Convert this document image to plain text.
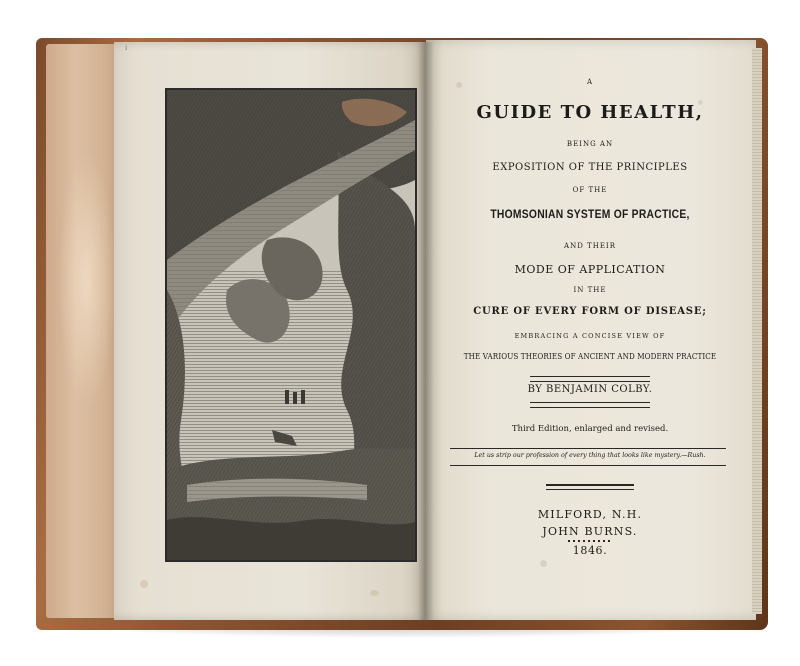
i
A
GUIDE TO HEALTH,
BEING AN
EXPOSITION OF THE PRINCIPLES
OF THE
THOMSONIAN SYSTEM OF PRACTICE,
AND THEIR
MODE OF APPLICATION
IN THE
CURE OF EVERY FORM OF DISEASE;
EMBRACING A CONCISE VIEW OF
THE VARIOUS THEORIES OF ANCIENT AND MODERN PRACTICE
BY BENJAMIN COLBY.
Third Edition, enlarged and revised.
Let us strip our profession of every thing that looks like mystery.—Rush.
MILFORD, N.H.
JOHN BURNS.
1846.
